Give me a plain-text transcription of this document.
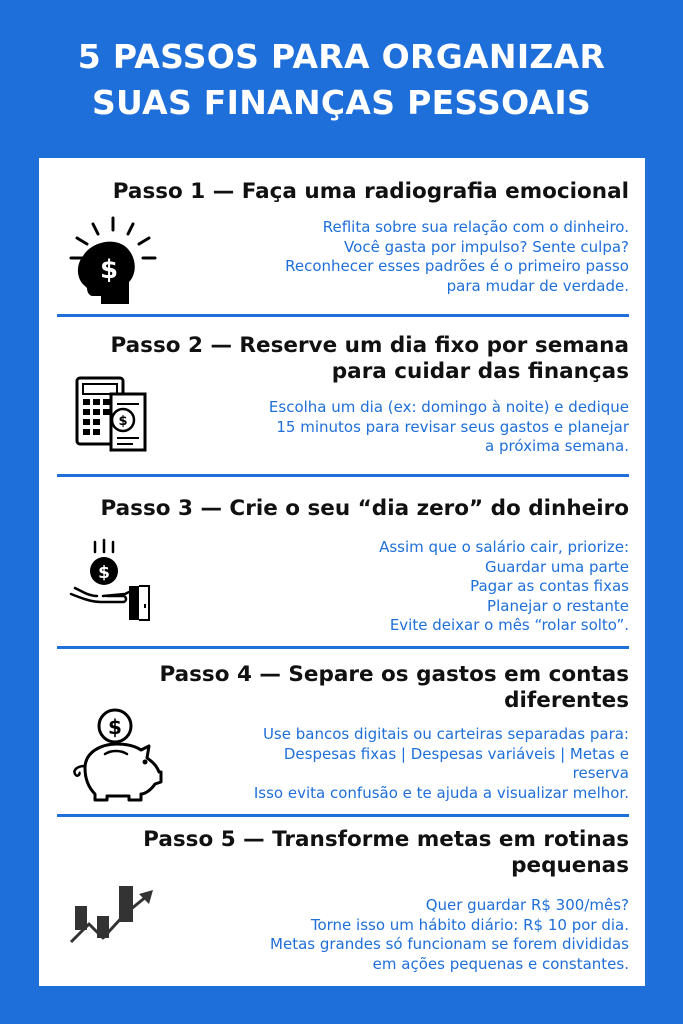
5 PASSOS PARA ORGANIZAR
SUAS FINANÇAS PESSOAIS
Passo 1 — Faça uma radiografia emocional
$
Reflita sobre sua relação com o dinheiro.
Você gasta por impulso? Sente culpa?
Reconhecer esses padrões é o primeiro passo
para mudar de verdade.
Passo 2 — Reserve um dia fixo por semana
para cuidar das finanças
$
Escolha um dia (ex: domingo à noite) e dedique
15 minutos para revisar seus gastos e planejar
a próxima semana.
Passo 3 — Crie o seu “dia zero” do dinheiro
$
Assim que o salário cair, priorize:
Guardar uma parte
Pagar as contas fixas
Planejar o restante
Evite deixar o mês “rolar solto”.
Passo 4 — Separe os gastos em contas
diferentes
$	Use bancos digitais ou carteiras separadas para:
Despesas fixas | Despesas variáveis | Metas e
reserva
Isso evita confusão e te ajuda a visualizar melhor.
Passo 5 — Transforme metas em rotinas
pequenas
Quer guardar R$ 300/mês?
Torne isso um hábito diário: R$ 10 por dia.
Metas grandes só funcionam se forem divididas
em ações pequenas e constantes.
